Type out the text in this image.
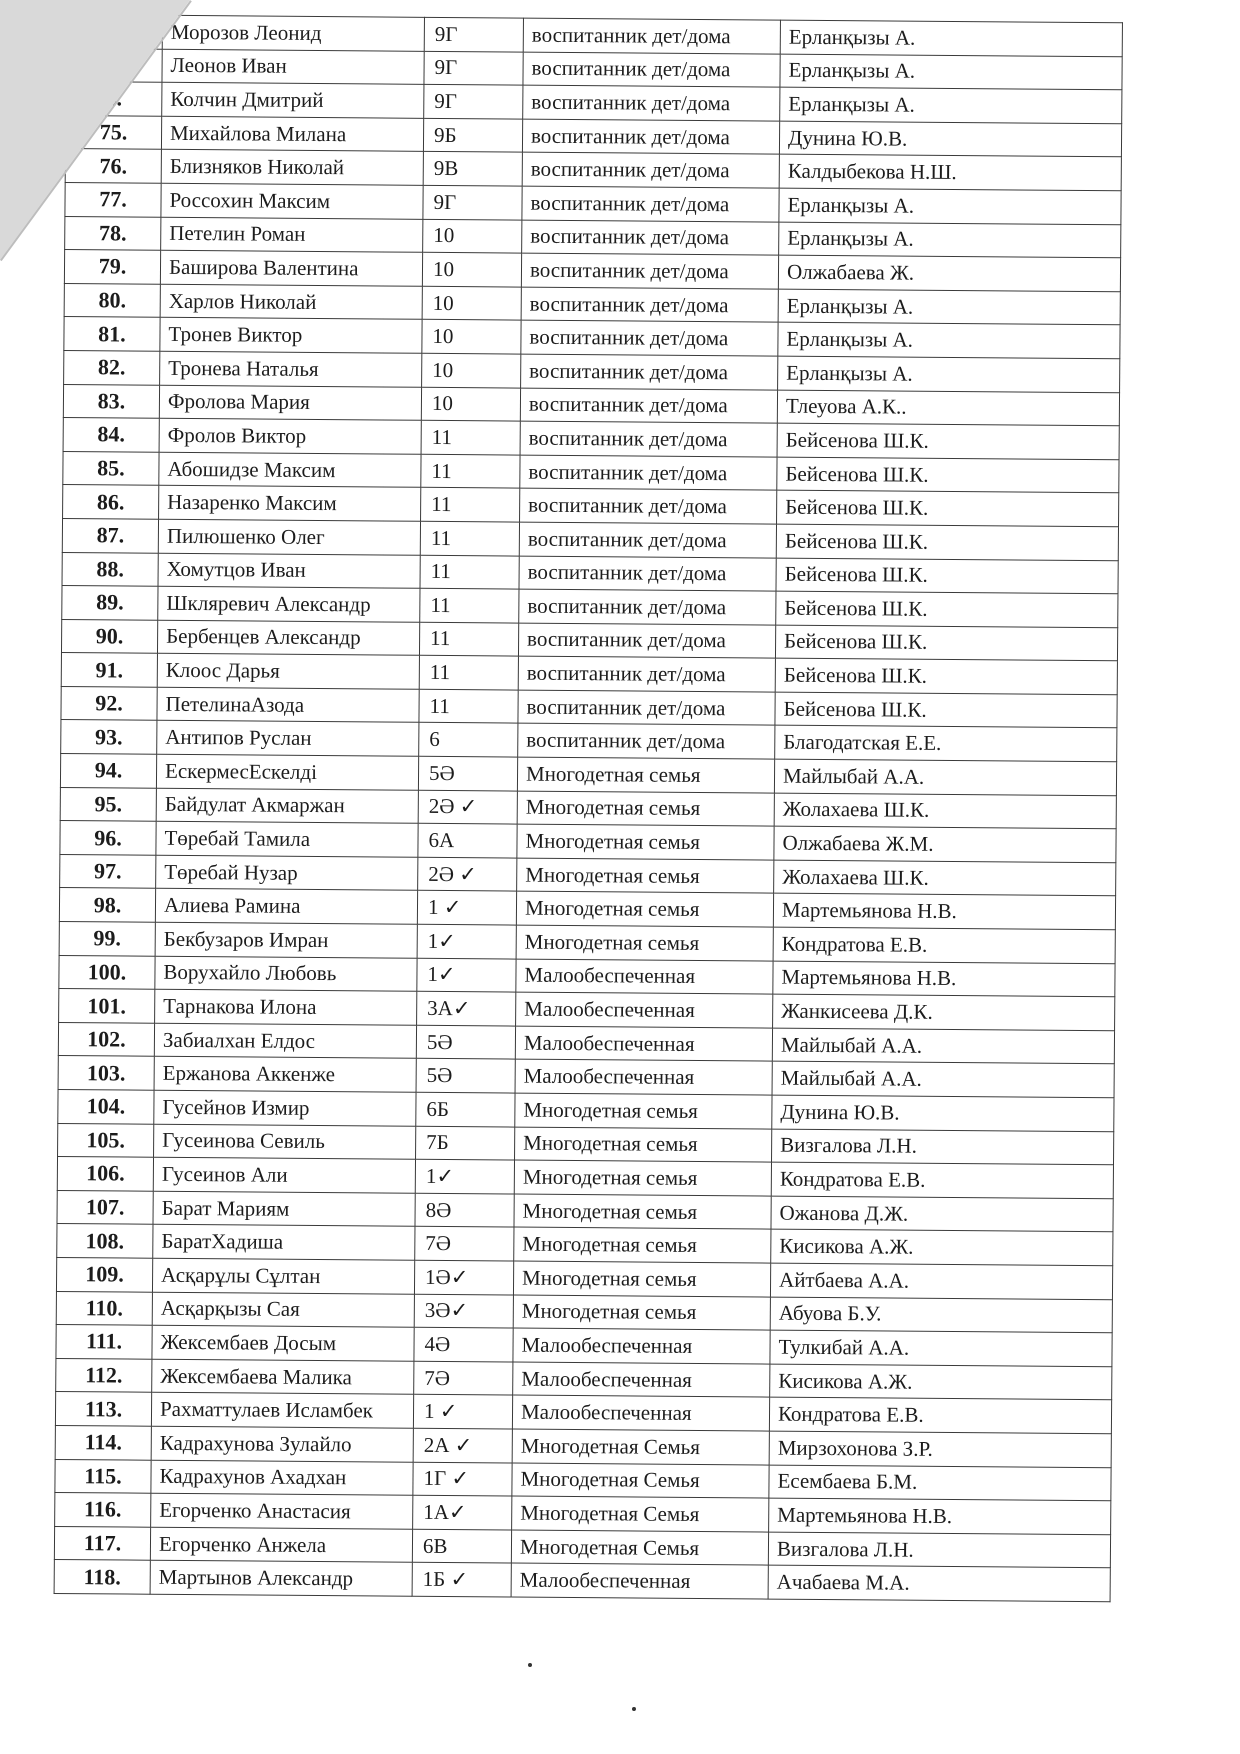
	Морозов Леонид	9Г	воспитанник дет/дома	Ерланқызы А.
	Леонов Иван	9Г	воспитанник дет/дома	Ерланқызы А.
4.	Колчин Дмитрий	9Г	воспитанник дет/дома	Ерланқызы А.
75.	Михайлова Милана	9Б	воспитанник дет/дома	Дунина Ю.В.
76.	Близняков Николай	9В	воспитанник дет/дома	Калдыбекова Н.Ш.
77.	Россохин Максим	9Г	воспитанник дет/дома	Ерланқызы А.
78.	Петелин Роман	10	воспитанник дет/дома	Ерланқызы А.
79.	Баширова Валентина	10	воспитанник дет/дома	Олжабаева Ж.
80.	Харлов Николай	10	воспитанник дет/дома	Ерланқызы А.
81.	Тронев Виктор	10	воспитанник дет/дома	Ерланқызы А.
82.	Тронева Наталья	10	воспитанник дет/дома	Ерланқызы А.
83.	Фролова Мария	10	воспитанник дет/дома	Тлеуова А.К..
84.	Фролов Виктор	11	воспитанник дет/дома	Бейсенова Ш.К.
85.	Абошидзе Максим	11	воспитанник дет/дома	Бейсенова Ш.К.
86.	Назаренко Максим	11	воспитанник дет/дома	Бейсенова Ш.К.
87.	Пилюшенко Олег	11	воспитанник дет/дома	Бейсенова Ш.К.
88.	Хомутцов Иван	11	воспитанник дет/дома	Бейсенова Ш.К.
89.	Шкляревич Александр	11	воспитанник дет/дома	Бейсенова Ш.К.
90.	Бербенцев Александр	11	воспитанник дет/дома	Бейсенова Ш.К.
91.	Клоос Дарья	11	воспитанник дет/дома	Бейсенова Ш.К.
92.	ПетелинаАзода	11	воспитанник дет/дома	Бейсенова Ш.К.
93.	Антипов Руслан	6	воспитанник дет/дома	Благодатская Е.Е.
94.	ЕскермесЕскелді	5Ә	Многодетная семья	Майлыбай А.А.
95.	Байдулат Акмаржан	2Ә ✓	Многодетная семья	Жолахаева Ш.К.
96.	Төребай Тамила	6А	Многодетная семья	Олжабаева Ж.М.
97.	Төребай Нузар	2Ә ✓	Многодетная семья	Жолахаева Ш.К.
98.	Алиева Рамина	1 ✓	Многодетная семья	Мартемьянова Н.В.
99.	Бекбузаров Имран	1✓	Многодетная семья	Кондратова Е.В.
100.	Ворухайло Любовь	1✓	Малообеспеченная	Мартемьянова Н.В.
101.	Тарнакова Илона	3А✓	Малообеспеченная	Жанкисеева Д.К.
102.	Забиалхан Елдос	5Ә	Малообеспеченная	Майлыбай А.А.
103.	Ержанова Аккенже	5Ә	Малообеспеченная	Майлыбай А.А.
104.	Гусейнов Измир	6Б	Многодетная семья	Дунина Ю.В.
105.	Гусеинова Севиль	7Б	Многодетная семья	Визгалова Л.Н.
106.	Гусеинов Али	1✓	Многодетная семья	Кондратова Е.В.
107.	Барат Мариям	8Ә	Многодетная семья	Ожанова Д.Ж.
108.	БаратХадиша	7Ә	Многодетная семья	Кисикова А.Ж.
109.	Асқарұлы Сұлтан	1Ә✓	Многодетная семья	Айтбаева А.А.
110.	Асқарқызы Сая	3Ә✓	Многодетная семья	Абуова Б.У.
111.	Жексембаев Досым	4Ә	Малообеспеченная	Тулкибай А.А.
112.	Жексембаева Малика	7Ә	Малообеспеченная	Кисикова А.Ж.
113.	Рахматтулаев Исламбек	1 ✓	Малообеспеченная	Кондратова Е.В.
114.	Кадрахунова Зулайло	2А ✓	Многодетная Семья	Мирзохонова З.Р.
115.	Кадрахунов Ахадхан	1Г ✓	Многодетная Семья	Есембаева Б.М.
116.	Егорченко Анастасия	1А✓	Многодетная Семья	Мартемьянова Н.В.
117.	Егорченко Анжела	6В	Многодетная Семья	Визгалова Л.Н.
118.	Мартынов Александр	1Б ✓	Малообеспеченная	Ачабаева М.А.
